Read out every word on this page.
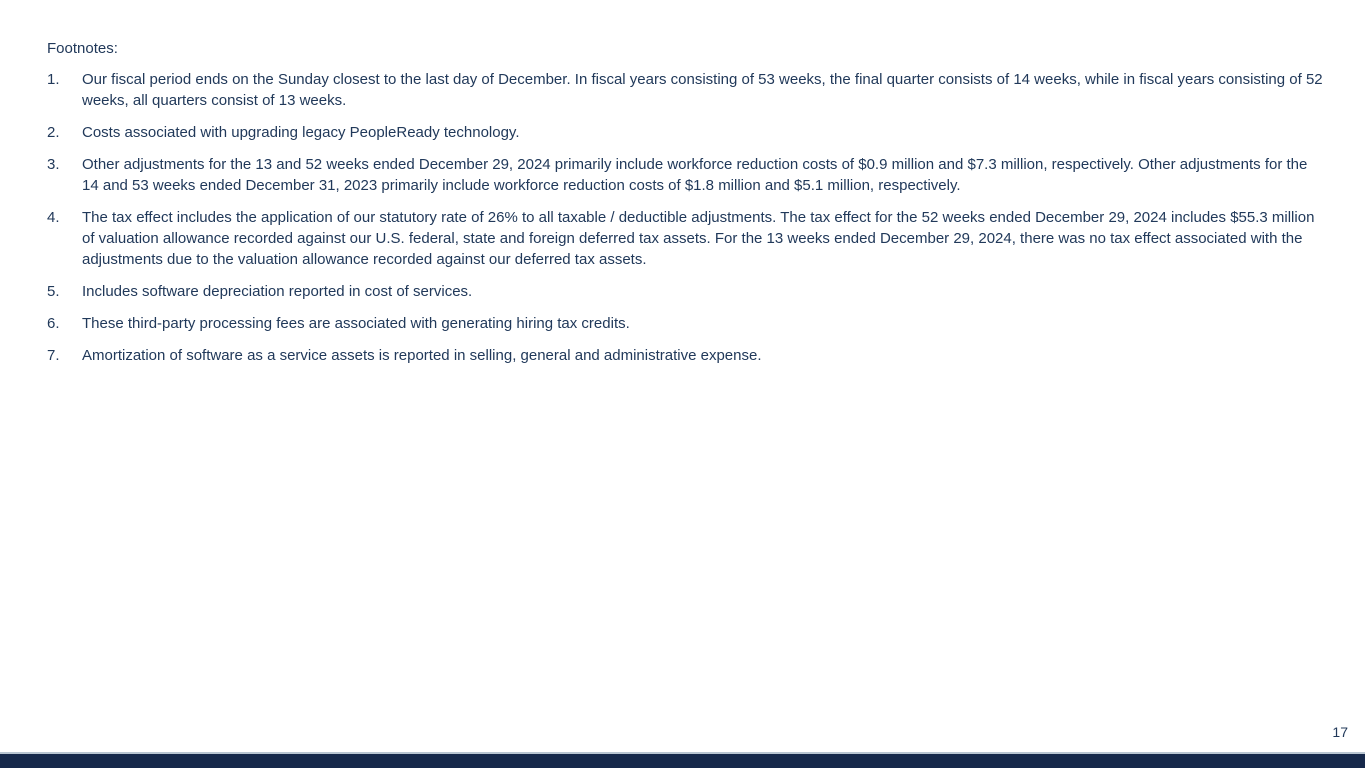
Footnotes:

1.	Our fiscal period ends on the Sunday closest to the last day of December. In fiscal years consisting of 53 weeks, the final quarter consists of 14 weeks, while in fiscal years consisting of 52 weeks, all quarters consist of 13 weeks.
2.	Costs associated with upgrading legacy PeopleReady technology.
3.	Other adjustments for the 13 and 52 weeks ended December 29, 2024 primarily include workforce reduction costs of $0.9 million and $7.3 million, respectively. Other adjustments for the 14 and 53 weeks ended December 31, 2023 primarily include workforce reduction costs of $1.8 million and $5.1 million, respectively.
4.	The tax effect includes the application of our statutory rate of 26% to all taxable / deductible adjustments. The tax effect for the 52 weeks ended December 29, 2024 includes $55.3 million of valuation allowance recorded against our U.S. federal, state and foreign deferred tax assets. For the 13 weeks ended December 29, 2024, there was no tax effect associated with the adjustments due to the valuation allowance recorded against our deferred tax assets.
5.	Includes software depreciation reported in cost of services.
6.	These third-party processing fees are associated with generating hiring tax credits.
7.	Amortization of software as a service assets is reported in selling, general and administrative expense.
17
